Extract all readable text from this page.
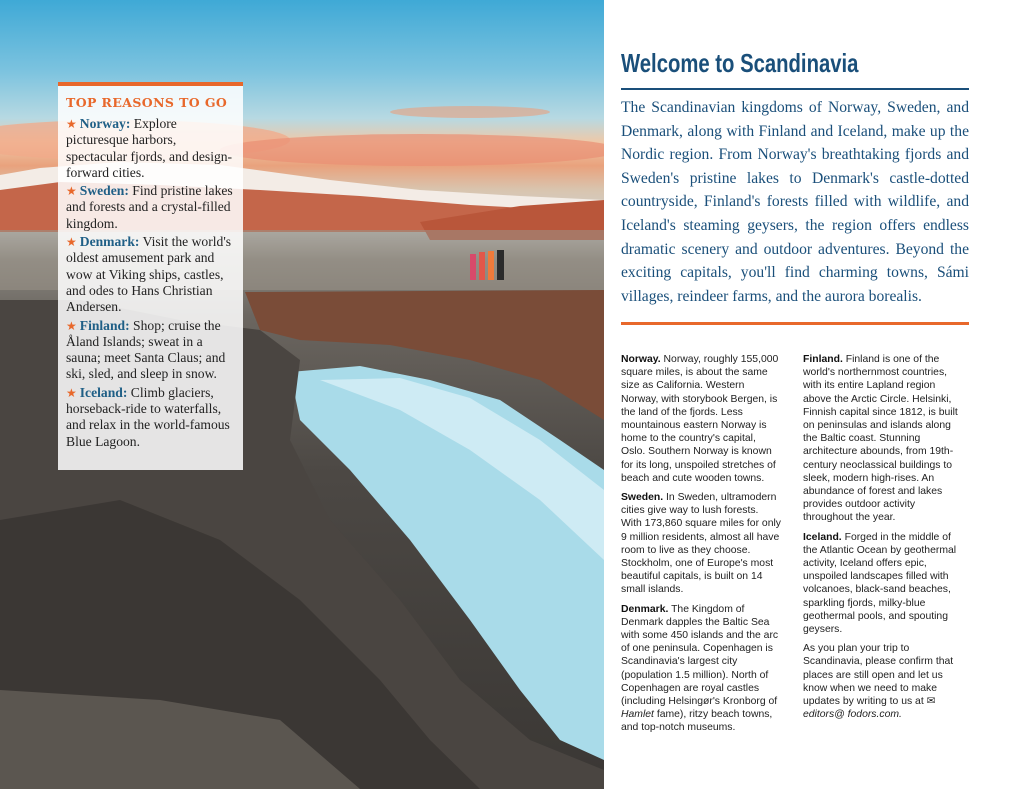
TOP REASONS TO GO
★ Norway: Explore picturesque harbors, spectacular fjords, and design-forward cities.
★ Sweden: Find pristine lakes and forests and a crystal-filled kingdom.
★ Denmark: Visit the world's oldest amusement park and wow at Viking ships, castles, and odes to Hans Christian Andersen.
★ Finland: Shop; cruise the Åland Islands; sweat in a sauna; meet Santa Claus; and ski, sled, and sleep in snow.
★ Iceland: Climb glaciers, horseback-ride to waterfalls, and relax in the world-famous Blue Lagoon.
Welcome to Scandinavia

The Scandinavian kingdoms of Norway, Sweden, and Denmark, along with Finland and Iceland, make up the Nordic region. From Norway's breathtaking fjords and Sweden's pristine lakes to Denmark's castle-dotted countryside, Finland's forests filled with wildlife, and Iceland's steaming geysers, the region offers endless dramatic scenery and outdoor adventures. Beyond the exciting capitals, you'll find charming towns, Sámi villages, reindeer farms, and the aurora borealis.

Norway. Norway, roughly 155,000 square miles, is about the same size as California. Western Norway, with storybook Bergen, is the land of the fjords. Less mountainous eastern Norway is home to the country's capital, Oslo. Southern Norway is known for its long, unspoiled stretches of beach and cute wooden towns.

Sweden. In Sweden, ultramodern cities give way to lush forests. With 173,860 square miles for only 9 million residents, almost all have room to live as they choose. Stockholm, one of Europe's most beautiful capitals, is built on 14 small islands.

Denmark. The Kingdom of Denmark dapples the Baltic Sea with some 450 islands and the arc of one peninsula. Copenhagen is Scandinavia's largest city (population 1.5 million). North of Copenhagen are royal castles (including Helsingør's Kronborg of Hamlet fame), ritzy beach towns, and top-notch museums.

Finland. Finland is one of the world's northernmost countries, with its entire Lapland region above the Arctic Circle. Helsinki, Finnish capital since 1812, is built on peninsulas and islands along the Baltic coast. Stunning architecture abounds, from 19th-century neoclassical buildings to sleek, modern high-rises. An abundance of forest and lakes provides outdoor activity throughout the year.

Iceland. Forged in the middle of the Atlantic Ocean by geothermal activity, Iceland offers epic, unspoiled landscapes filled with volcanoes, black-sand beaches, sparkling fjords, milky-blue geothermal pools, and spouting geysers.

As you plan your trip to Scandinavia, please confirm that places are still open and let us know when we need to make updates by writing to us at ✉ editors@ fodors.com.
